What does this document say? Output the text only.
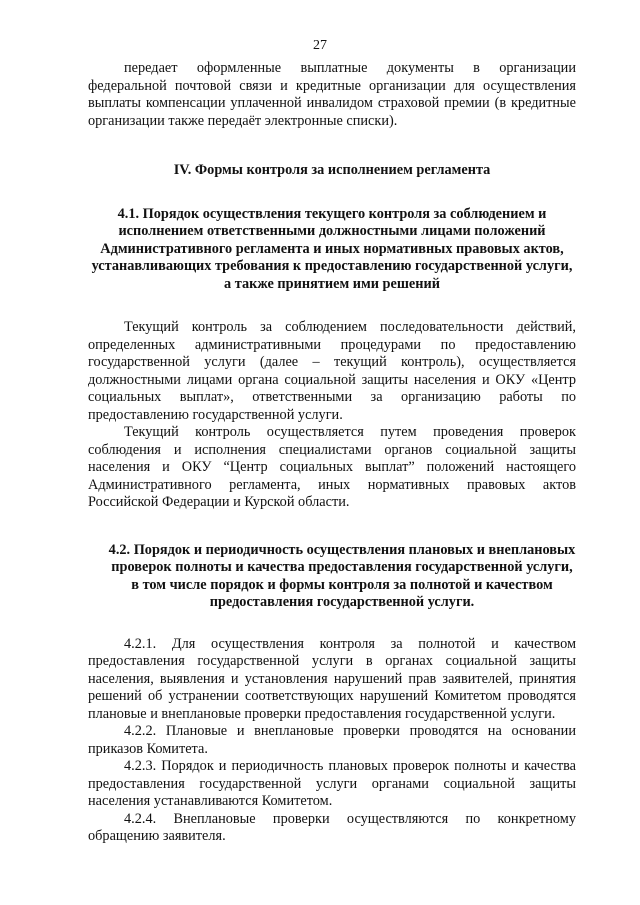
27

передает оформленные выплатные документы в организации федеральной почтовой связи и кредитные организации для осуществления выплаты компенсации уплаченной инвалидом страховой премии (в кредитные организации также передаёт электронные списки).

IV. Формы контроля за исполнением регламента
4.1. Порядок осуществления текущего контроля за соблюдением и исполнением ответственными должностными лицами положений Административного регламента и иных нормативных правовых актов, устанавливающих требования к предоставлению государственной услуги, а также принятием ими решений

Текущий контроль за соблюдением последовательности действий, определенных административными процедурами по предоставлению государственной услуги (далее – текущий контроль), осуществляется должностными лицами органа социальной защиты населения и ОКУ «Центр социальных выплат», ответственными за организацию работы по предоставлению государственной услуги.

Текущий контроль осуществляется путем проведения проверок соблюдения и исполнения специалистами органов социальной защиты населения и ОКУ “Центр социальных выплат” положений настоящего Административного регламента, иных нормативных правовых актов Российской Федерации и Курской области.

4.2. Порядок и периодичность осуществления плановых и внеплановых проверок полноты и качества предоставления государственной услуги, в том числе порядок и формы контроля за полнотой и качеством предоставления государственной услуги.

4.2.1. Для осуществления контроля за полнотой и качеством предоставления государственной услуги в органах социальной защиты населения, выявления и установления нарушений прав заявителей, принятия решений об устранении соответствующих нарушений Комитетом проводятся плановые и внеплановые проверки предоставления государственной услуги.

4.2.2. Плановые и внеплановые проверки проводятся на основании приказов Комитета.

4.2.3. Порядок и периодичность плановых проверок полноты и качества предоставления государственной услуги органами социальной защиты населения устанавливаются Комитетом.

4.2.4. Внеплановые проверки осуществляются по конкретному обращению заявителя.
